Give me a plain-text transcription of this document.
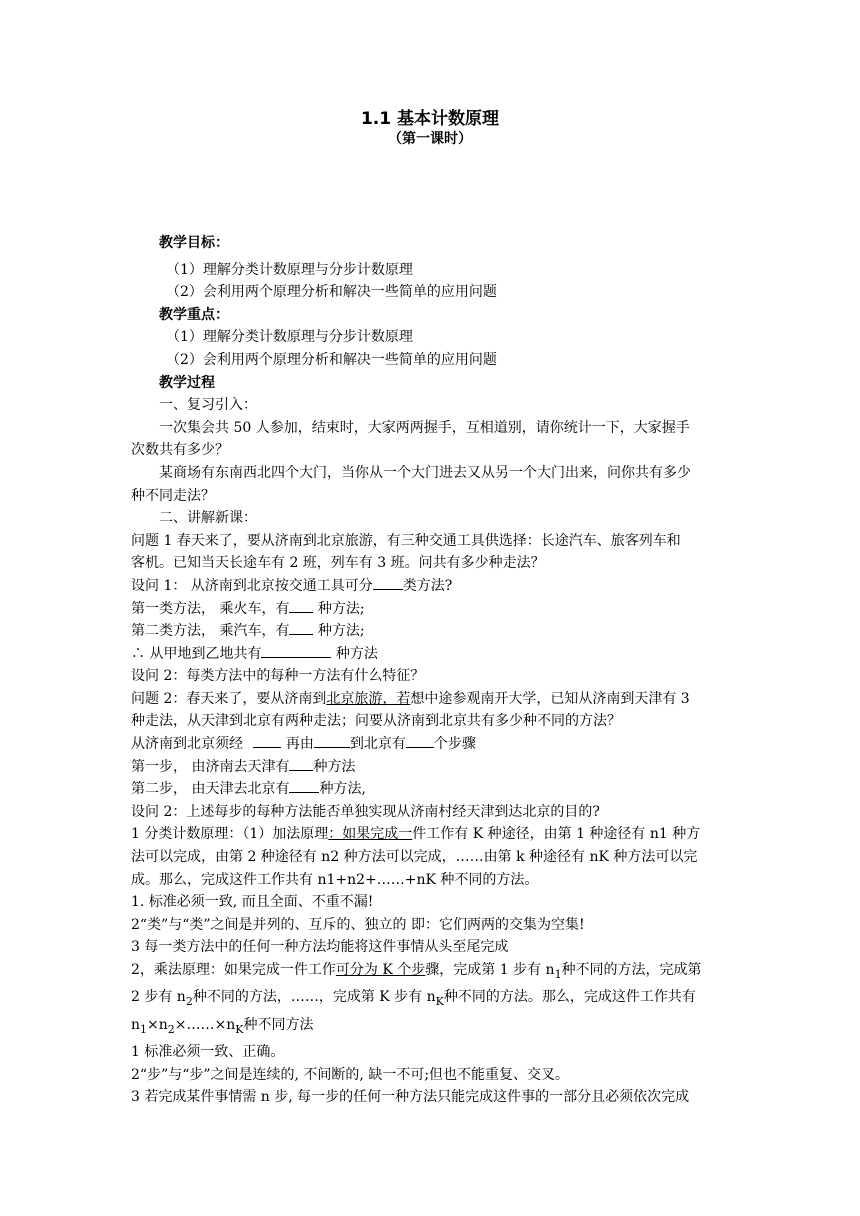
1.1 基本计数原理
（第一课时）
教学目标：
（1）理解分类计数原理与分步计数原理
（2）会利用两个原理分析和解决一些简单的应用问题
教学重点：
（1）理解分类计数原理与分步计数原理
（2）会利用两个原理分析和解决一些简单的应用问题
教学过程
一、复习引入：
一次集会共 50 人参加，结束时，大家两两握手，互相道别，请你统计一下，大家握手
次数共有多少？
某商场有东南西北四个大门，当你从一个大门进去又从另一个大门出来，问你共有多少
种不同走法？
二、讲解新课：
问题 1 春天来了，要从济南到北京旅游，有三种交通工具供选择：长途汽车、旅客列车和
客机。已知当天长途车有 2 班，列车有 3 班。问共有多少种走法？
设问 1： 从济南到北京按交通工具可分 类方法?
第一类方法， 乘火车，有 种方法;
第二类方法， 乘汽车，有 种方法;
∴ 从甲地到乙地共有	种方法
设问 2：每类方法中的每种一方法有什么特征？
问题 2：春天来了，要从济南到北京旅游，若想中途参观南开大学，已知从济南到天津有 3
种走法，从天津到北京有两种走法；问要从济南到北京共有多少种不同的方法？
从济南到北京须经  再由	到北京有 个步骤
第一步， 由济南去天津有 种方法
第二步， 由天津去北京有 种方法,
设问 2：上述每步的每种方法能否单独实现从济南村经天津到达北京的目的?
1 分类计数原理：（1）加法原理：如果完成一件工作有 K 种途径，由第 1 种途径有 n1 种方
法可以完成，由第 2 种途径有 n2 种方法可以完成，……由第 k 种途径有 nK 种方法可以完
成。那么，完成这件工作共有 n1+n2+……+nK 种不同的方法。
1. 标准必须一致, 而且全面、不重不漏!
2“类”与“类”之间是并列的、互斥的、独立的 即：它们两两的交集为空集!
3 每一类方法中的任何一种方法均能将这件事情从头至尾完成
2，乘法原理：如果完成一件工作可分为 K 个步骤，完成第 1 步有 $n_1$种不同的方法，完成第
2 步有 $n_2$种不同的方法，……，完成第 K 步有 $n_K$种不同的方法。那么，完成这件工作共有
$n_1\times n_2\times\dots\dots\times n_K$种不同方法
1 标准必须一致、正确。
2“步”与“步”之间是连续的, 不间断的, 缺一不可;但也不能重复、交叉。
3 若完成某件事情需 n 步, 每一步的任何一种方法只能完成这件事的一部分且必须依次完成
